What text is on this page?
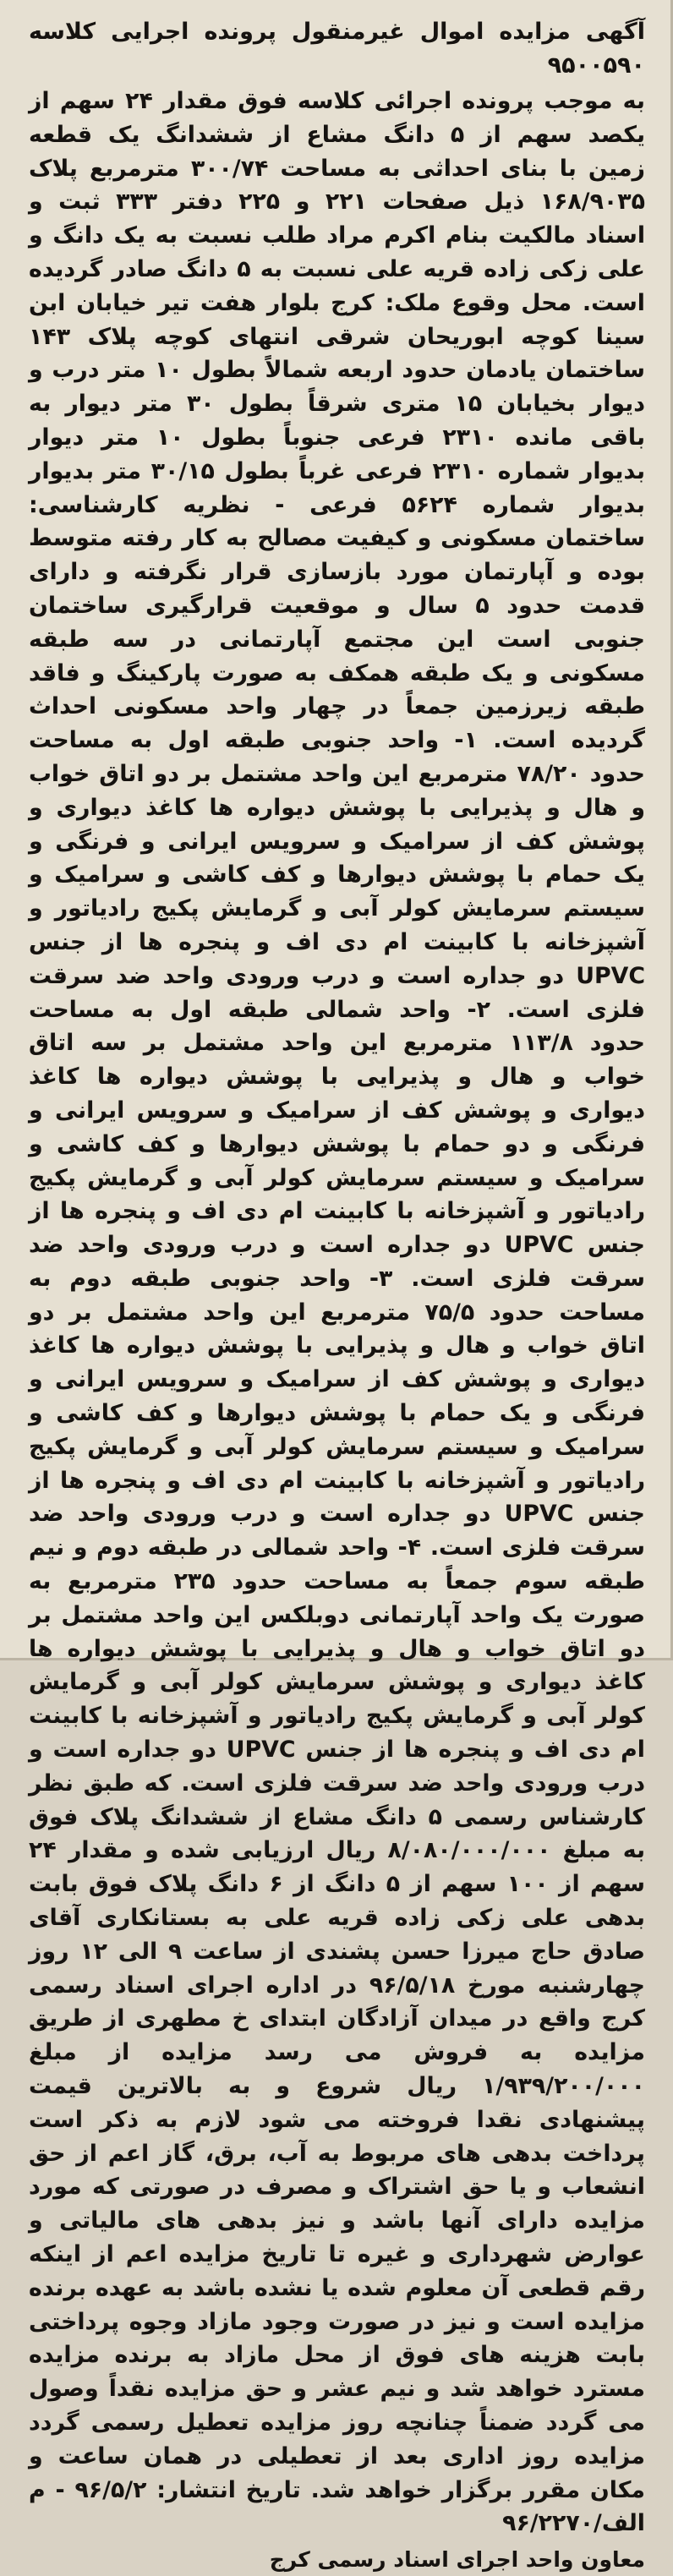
آگهی مزایده اموال غیرمنقول پرونده اجرایی کلاسه ۹۵۰۰۵۹۰

به موجب پرونده اجرائی کلاسه فوق مقدار ۲۴ سهم از یکصد سهم از ۵ دانگ مشاع از ششدانگ یک قطعه زمین با بنای احداثی به مساحت ۳۰۰/۷۴ مترمربع پلاک ۱۶۸/۹۰۳۵ ذیل صفحات ۲۲۱ و ۲۲۵ دفتر ۳۳۳ ثبت و اسناد مالکیت بنام اکرم مراد طلب نسبت به یک دانگ و علی زکی زاده قریه علی نسبت به ۵ دانگ صادر گردیده است. محل وقوع ملک: کرج بلوار هفت تیر خیابان ابن سینا کوچه ابوریحان شرقی انتهای کوچه پلاک ۱۴۳ ساختمان یادمان حدود اربعه شمالاً بطول ۱۰ متر درب و دیوار بخیابان ۱۵ متری شرقاً بطول ۳۰ متر دیوار به باقی مانده ۲۳۱۰ فرعی جنوباً بطول ۱۰ متر دیوار بدیوار شماره ۲۳۱۰ فرعی غرباً بطول ۳۰/۱۵ متر بدیوار بدیوار شماره ۵۶۲۴ فرعی - نظریه کارشناسی: ساختمان مسکونی و کیفیت مصالح به کار رفته متوسط بوده و آپارتمان مورد بازسازی قرار نگرفته و دارای قدمت حدود ۵ سال و موقعیت قرارگیری ساختمان جنوبی است این مجتمع آپارتمانی در سه طبقه مسکونی و یک طبقه همکف به صورت پارکینگ و فاقد طبقه زیرزمین جمعاً در چهار واحد مسکونی احداث گردیده است. ۱- واحد جنوبی طبقه اول به مساحت حدود ۷۸/۲۰ مترمربع این واحد مشتمل بر دو اتاق خواب و هال و پذیرایی با پوشش دیواره ها کاغذ دیواری و پوشش کف از سرامیک و سرویس ایرانی و فرنگی و یک حمام با پوشش دیوارها و کف کاشی و سرامیک و سیستم سرمایش کولر آبی و گرمایش پکیج رادیاتور و آشپزخانه با کابینت ام دی اف و پنجره ها از جنس UPVC دو جداره است و درب ورودی واحد ضد سرقت فلزی است. ۲- واحد شمالی طبقه اول به مساحت حدود ۱۱۳/۸ مترمربع این واحد مشتمل بر سه اتاق خواب و هال و پذیرایی با پوشش دیواره ها کاغذ دیواری و پوشش کف از سرامیک و سرویس ایرانی و فرنگی و دو حمام با پوشش دیوارها و کف کاشی و سرامیک و سیستم سرمایش کولر آبی و گرمایش پکیج رادیاتور و آشپزخانه با کابینت ام دی اف و پنجره ها از جنس UPVC دو جداره است و درب ورودی واحد ضد سرقت فلزی است. ۳- واحد جنوبی طبقه دوم به مساحت حدود ۷۵/۵ مترمربع این واحد مشتمل بر دو اتاق خواب و هال و پذیرایی با پوشش دیواره ها کاغذ دیواری و پوشش کف از سرامیک و سرویس ایرانی و فرنگی و یک حمام با پوشش دیوارها و کف کاشی و سرامیک و سیستم سرمایش کولر آبی و گرمایش پکیج رادیاتور و آشپزخانه با کابینت ام دی اف و پنجره ها از جنس UPVC دو جداره است و درب ورودی واحد ضد سرقت فلزی است. ۴- واحد شمالی در طبقه دوم و نیم طبقه سوم جمعاً به مساحت حدود ۲۳۵ مترمربع به صورت یک واحد آپارتمانی دوبلکس این واحد مشتمل بر دو اتاق خواب و هال و پذیرایی با پوشش دیواره ها کاغذ دیواری و پوشش سرمایش کولر آبی و گرمایش کولر آبی و گرمایش پکیج رادیاتور و آشپزخانه با کابینت ام دی اف و پنجره ها از جنس UPVC دو جداره است و درب ورودی واحد ضد سرقت فلزی است. که طبق نظر کارشناس رسمی ۵ دانگ مشاع از ششدانگ پلاک فوق به مبلغ ۸/۰۸۰/۰۰۰/۰۰۰ ریال ارزیابی شده و مقدار ۲۴ سهم از ۱۰۰ سهم از ۵ دانگ از ۶ دانگ پلاک فوق بابت بدهی علی زکی زاده قریه علی به بستانکاری آقای صادق حاج میرزا حسن پشندی از ساعت ۹ الی ۱۲ روز چهارشنبه مورخ ۹۶/۵/۱۸ در اداره اجرای اسناد رسمی کرج واقع در میدان آزادگان ابتدای خ مطهری از طریق مزایده به فروش می رسد مزایده از مبلغ ۱/۹۳۹/۲۰۰/۰۰۰ ریال شروع و به بالاترین قیمت پیشنهادی نقدا فروخته می شود لازم به ذکر است پرداخت بدهی های مربوط به آب، برق، گاز اعم از حق انشعاب و یا حق اشتراک و مصرف در صورتی که مورد مزایده دارای آنها باشد و نیز بدهی های مالیاتی و عوارض شهرداری و غیره تا تاریخ مزایده اعم از اینکه رقم قطعی آن معلوم شده یا نشده باشد به عهده برنده مزایده است و نیز در صورت وجود مازاد وجوه پرداختی بابت هزینه های فوق از محل مازاد به برنده مزایده مسترد خواهد شد و نیم عشر و حق مزایده نقداً وصول می گردد ضمناً چنانچه روز مزایده تعطیل رسمی گردد مزایده روز اداری بعد از تعطیلی در همان ساعت و مکان مقرر برگزار خواهد شد. تاریخ انتشار: ۹۶/۵/۲ - م الف/۹۶/۲۲۷۰

معاون واحد اجرای اسناد رسمی کرج
